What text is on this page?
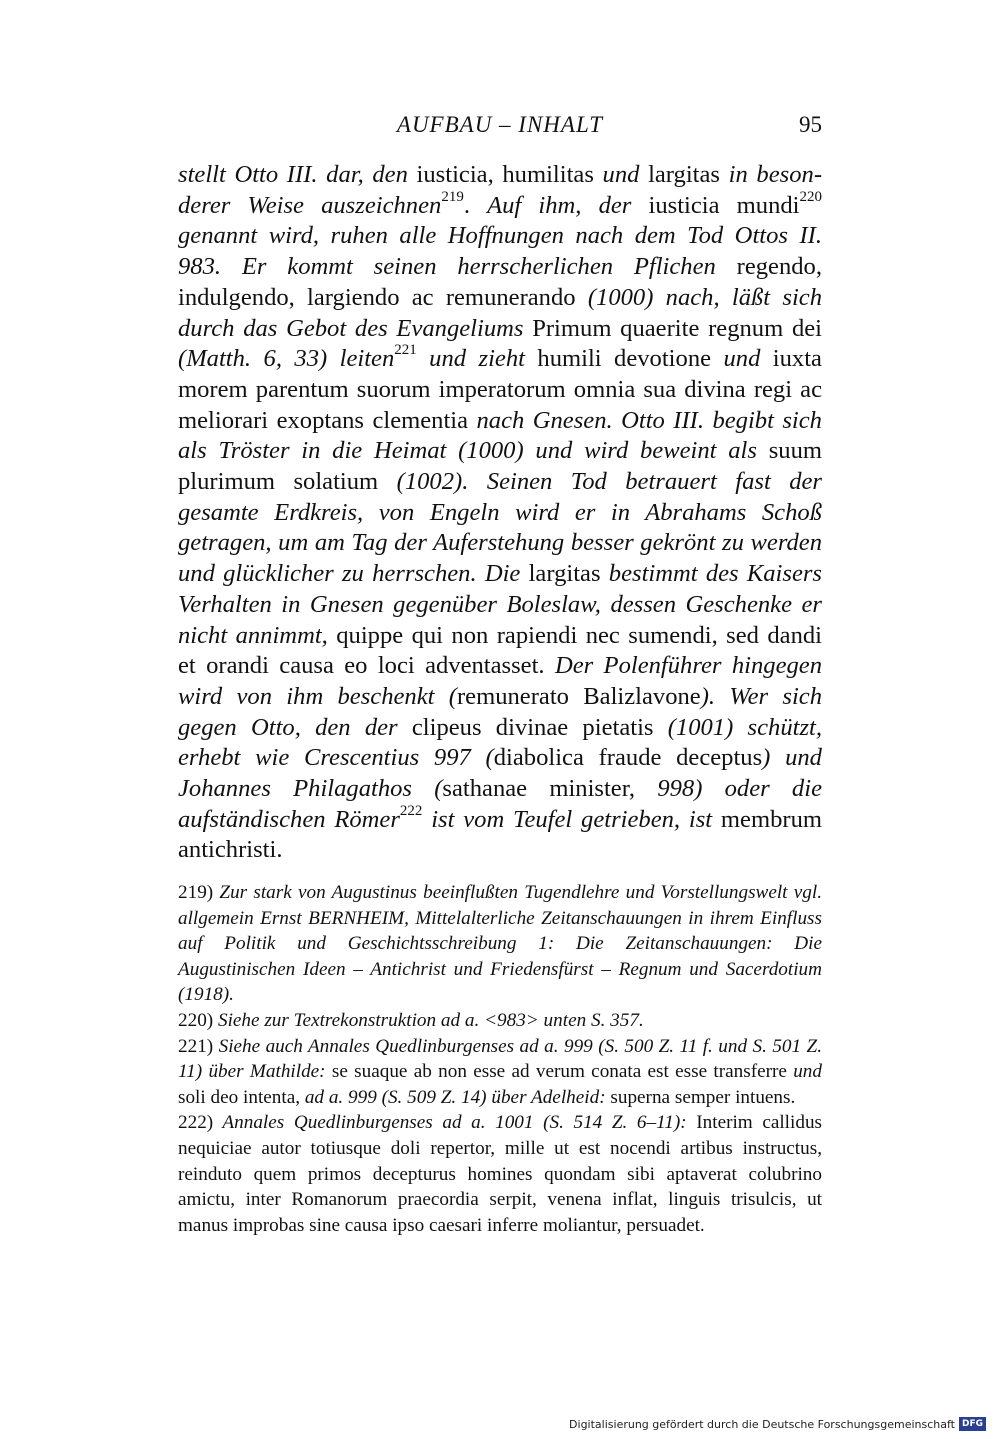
AUFBAU – INHALT	95

stellt Otto III. dar, den iusticia, humilitas und largitas in besonderer Weise auszeichnen$^{219}$. Auf ihm, der iusticia mundi$^{220}$ genannt wird, ruhen alle Hoffnungen nach dem Tod Ottos II. 983. Er kommt seinen herrscherlichen Pflichen regendo, indulgendo, largiendo ac remunerando (1000) nach, läßt sich durch das Gebot des Evangeliums Primum quaerite regnum dei (Matth. 6, 33) leiten$^{221}$ und zieht humili devotione und iuxta morem parentum suorum imperatorum omnia sua divina regi ac meliorari exoptans clementia nach Gnesen. Otto III. begibt sich als Tröster in die Heimat (1000) und wird beweint als suum plurimum solatium (1002). Seinen Tod betrauert fast der gesamte Erdkreis, von Engeln wird er in Abrahams Schoß getragen, um am Tag der Auferstehung besser gekrönt zu werden und glücklicher zu herrschen. Die largitas bestimmt des Kaisers Verhalten in Gnesen gegenüber Boleslaw, dessen Geschenke er nicht annimmt, quippe qui non rapiendi nec sumendi, sed dandi et orandi causa eo loci adventasset. Der Polenführer hingegen wird von ihm beschenkt (remunerato Balizlavone). Wer sich gegen Otto, den der clipeus divinae pietatis (1001) schützt, erhebt wie Crescentius 997 (diabolica fraude deceptus) und Johannes Philagathos (sathanae minister, 998) oder die aufständischen Römer$^{222}$ ist vom Teufel getrieben, ist membrum antichristi.

219) Zur stark von Augustinus beeinflußten Tugendlehre und Vorstellungswelt vgl. allgemein Ernst BERNHEIM, Mittelalterliche Zeitanschauungen in ihrem Einfluss auf Politik und Geschichtsschreibung 1: Die Zeitanschauungen: Die Augustinischen Ideen – Antichrist und Friedensfürst – Regnum und Sacerdotium (1918).

220) Siehe zur Textrekonstruktion ad a. <983> unten S. 357.

221) Siehe auch Annales Quedlinburgenses ad a. 999 (S. 500 Z. 11 f. und S. 501 Z. 11) über Mathilde: se suaque ab non esse ad verum conata est esse transferre und soli deo intenta, ad a. 999 (S. 509 Z. 14) über Adelheid: superna semper intuens.

222) Annales Quedlinburgenses ad a. 1001 (S. 514 Z. 6–11): Interim callidus nequiciae autor totiusque doli repertor, mille ut est nocendi artibus instructus, reinduto quem primos decepturus homines quondam sibi aptaverat colubrino amictu, inter Romanorum praecordia serpit, venena inflat, linguis trisulcis, ut manus improbas sine causa ipso caesari inferre moliantur, persuadet.

Digitalisierung gefördert durch die Deutsche Forschungsgemeinschaft DFG
